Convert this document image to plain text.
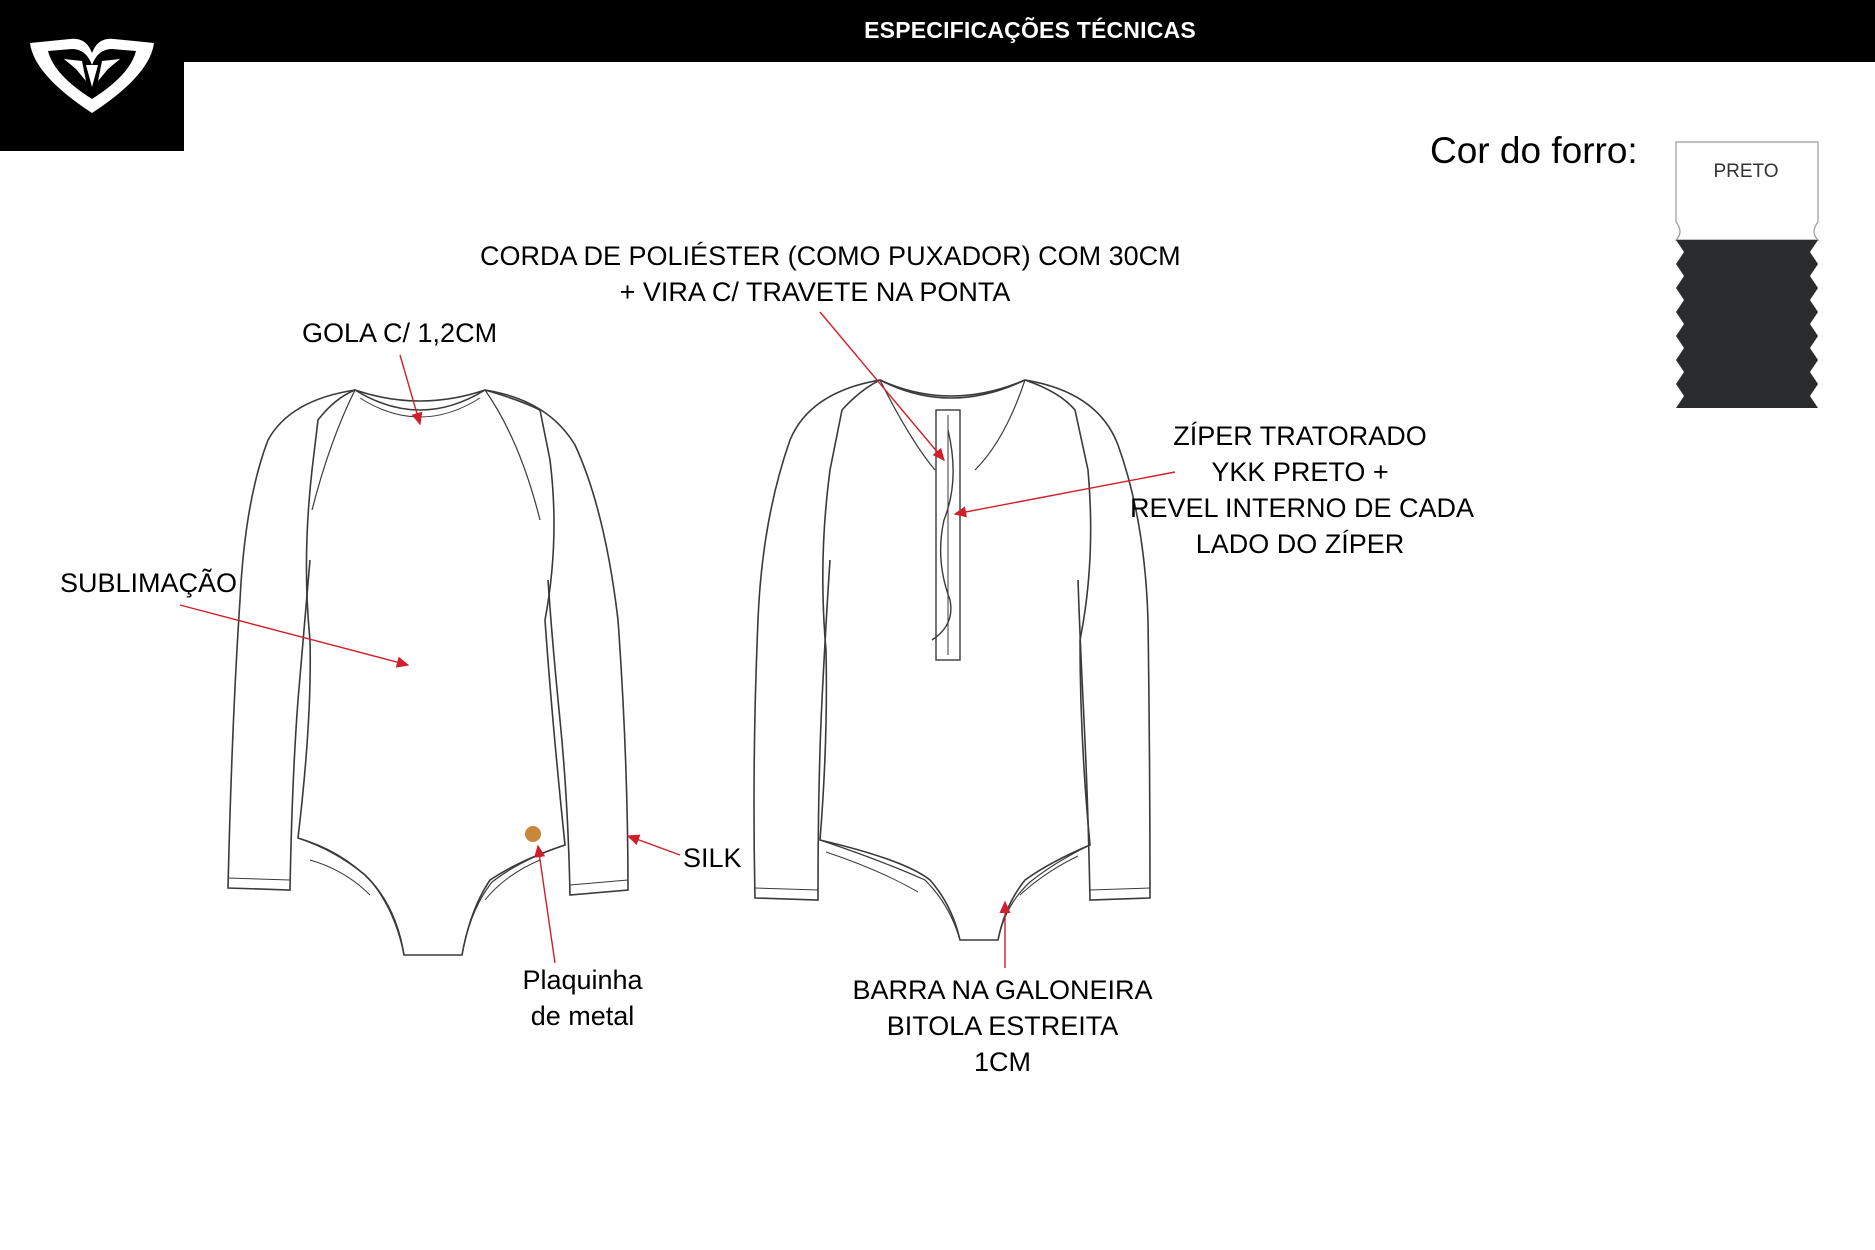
ESPECIFICAÇÕES TÉCNICAS
Cor do forro:
PRETO
GOLA C/ 1,2CM
SUBLIMAÇÃO
SILK
Plaquinha
de metal
CORDA DE POLIÉSTER (COMO PUXADOR) COM 30CM
+ VIRA C/ TRAVETE NA PONTA
ZÍPER TRATORADO
YKK PRETO +
REVEL INTERNO DE CADA
LADO DO ZÍPER
BARRA NA GALONEIRA
BITOLA ESTREITA
1CM
